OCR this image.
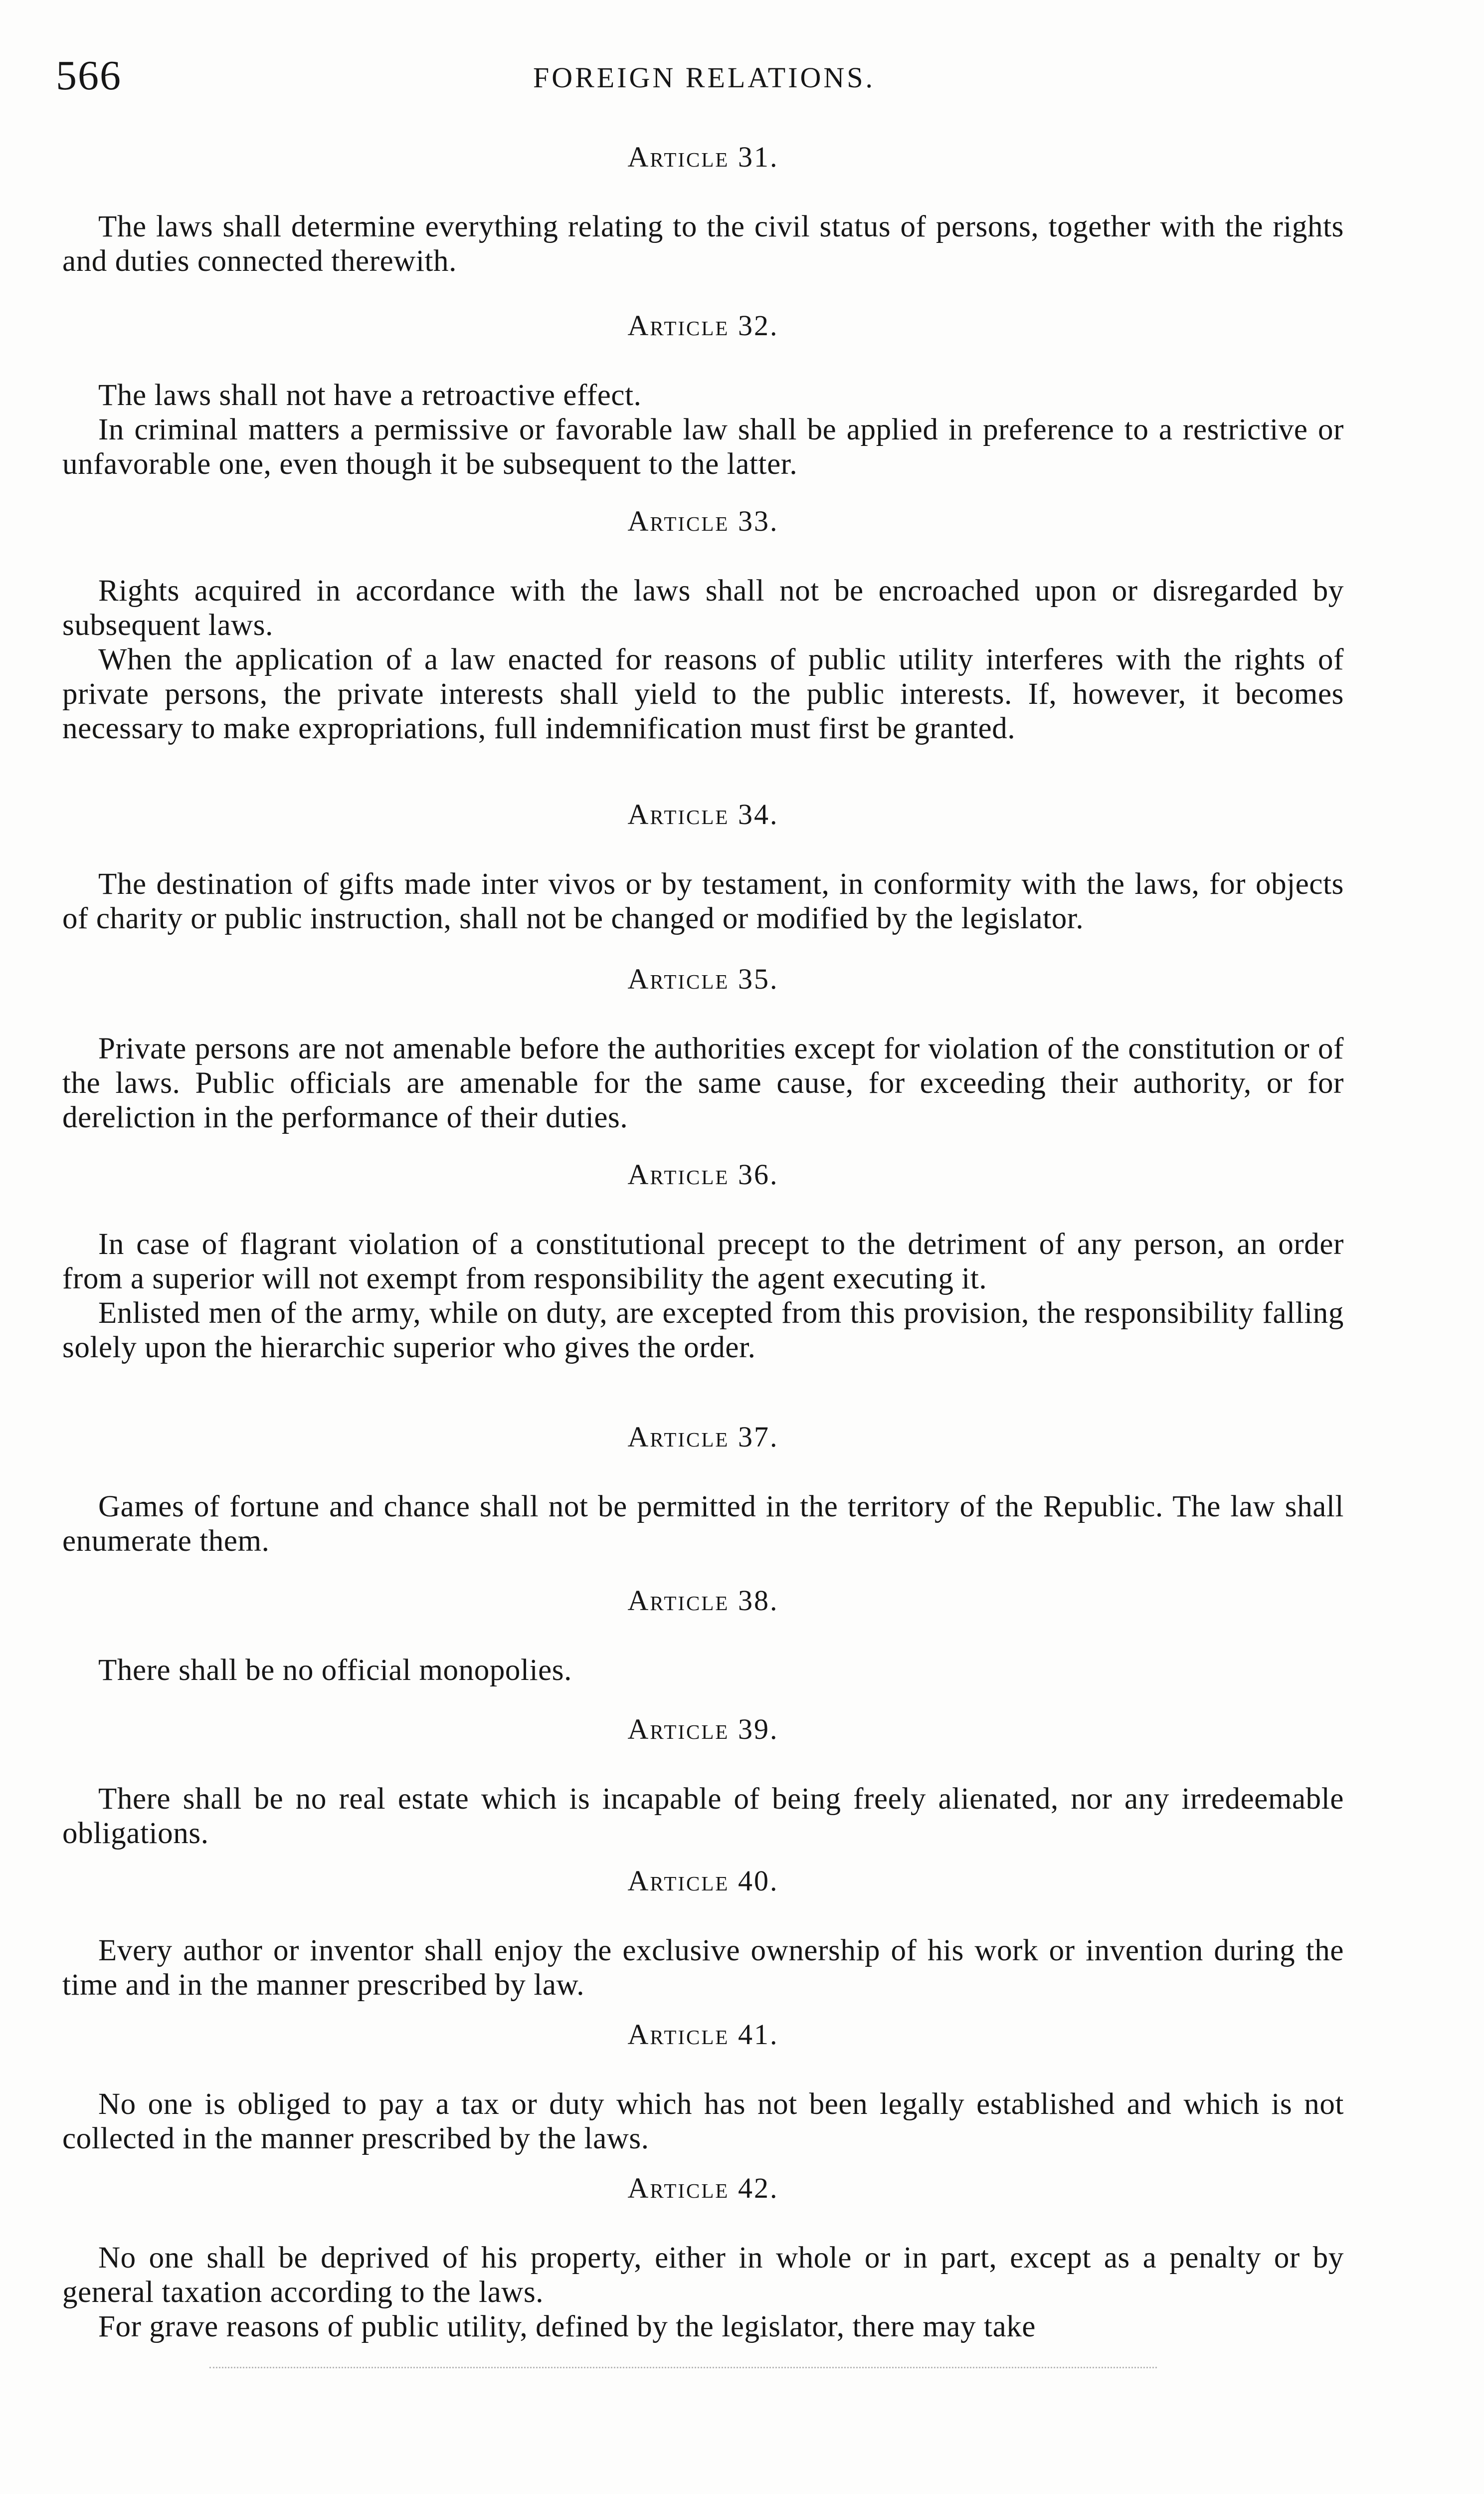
566	FOREIGN RELATIONS.
Article 31.

The laws shall determine everything relating to the civil status of persons, together with the rights and duties connected therewith.

Article 32.

The laws shall not have a retroactive effect.

In criminal matters a permissive or favorable law shall be applied in preference to a restrictive or unfavorable one, even though it be subsequent to the latter.

Article 33.

Rights acquired in accordance with the laws shall not be encroached upon or disregarded by subsequent laws.

When the application of a law enacted for reasons of public utility interferes with the rights of private persons, the private interests shall yield to the public interests. If, however, it becomes necessary to make expropriations, full indemnification must first be granted.

Article 34.

The destination of gifts made inter vivos or by testament, in conformity with the laws, for objects of charity or public instruction, shall not be changed or modified by the legislator.

Article 35.

Private persons are not amenable before the authorities except for violation of the constitution or of the laws. Public officials are amenable for the same cause, for exceeding their authority, or for dereliction in the performance of their duties.

Article 36.

In case of flagrant violation of a constitutional precept to the detriment of any person, an order from a superior will not exempt from responsibility the agent executing it.

Enlisted men of the army, while on duty, are excepted from this provision, the responsibility falling solely upon the hierarchic superior who gives the order.

Article 37.

Games of fortune and chance shall not be permitted in the territory of the Republic. The law shall enumerate them.

Article 38.

There shall be no official monopolies.

Article 39.

There shall be no real estate which is incapable of being freely alienated, nor any irredeemable obligations.

Article 40.

Every author or inventor shall enjoy the exclusive ownership of his work or invention during the time and in the manner prescribed by law.

Article 41.

No one is obliged to pay a tax or duty which has not been legally established and which is not collected in the manner prescribed by the laws.

Article 42.

No one shall be deprived of his property, either in whole or in part, except as a penalty or by general taxation according to the laws.

For grave reasons of public utility, defined by the legislator, there may take
